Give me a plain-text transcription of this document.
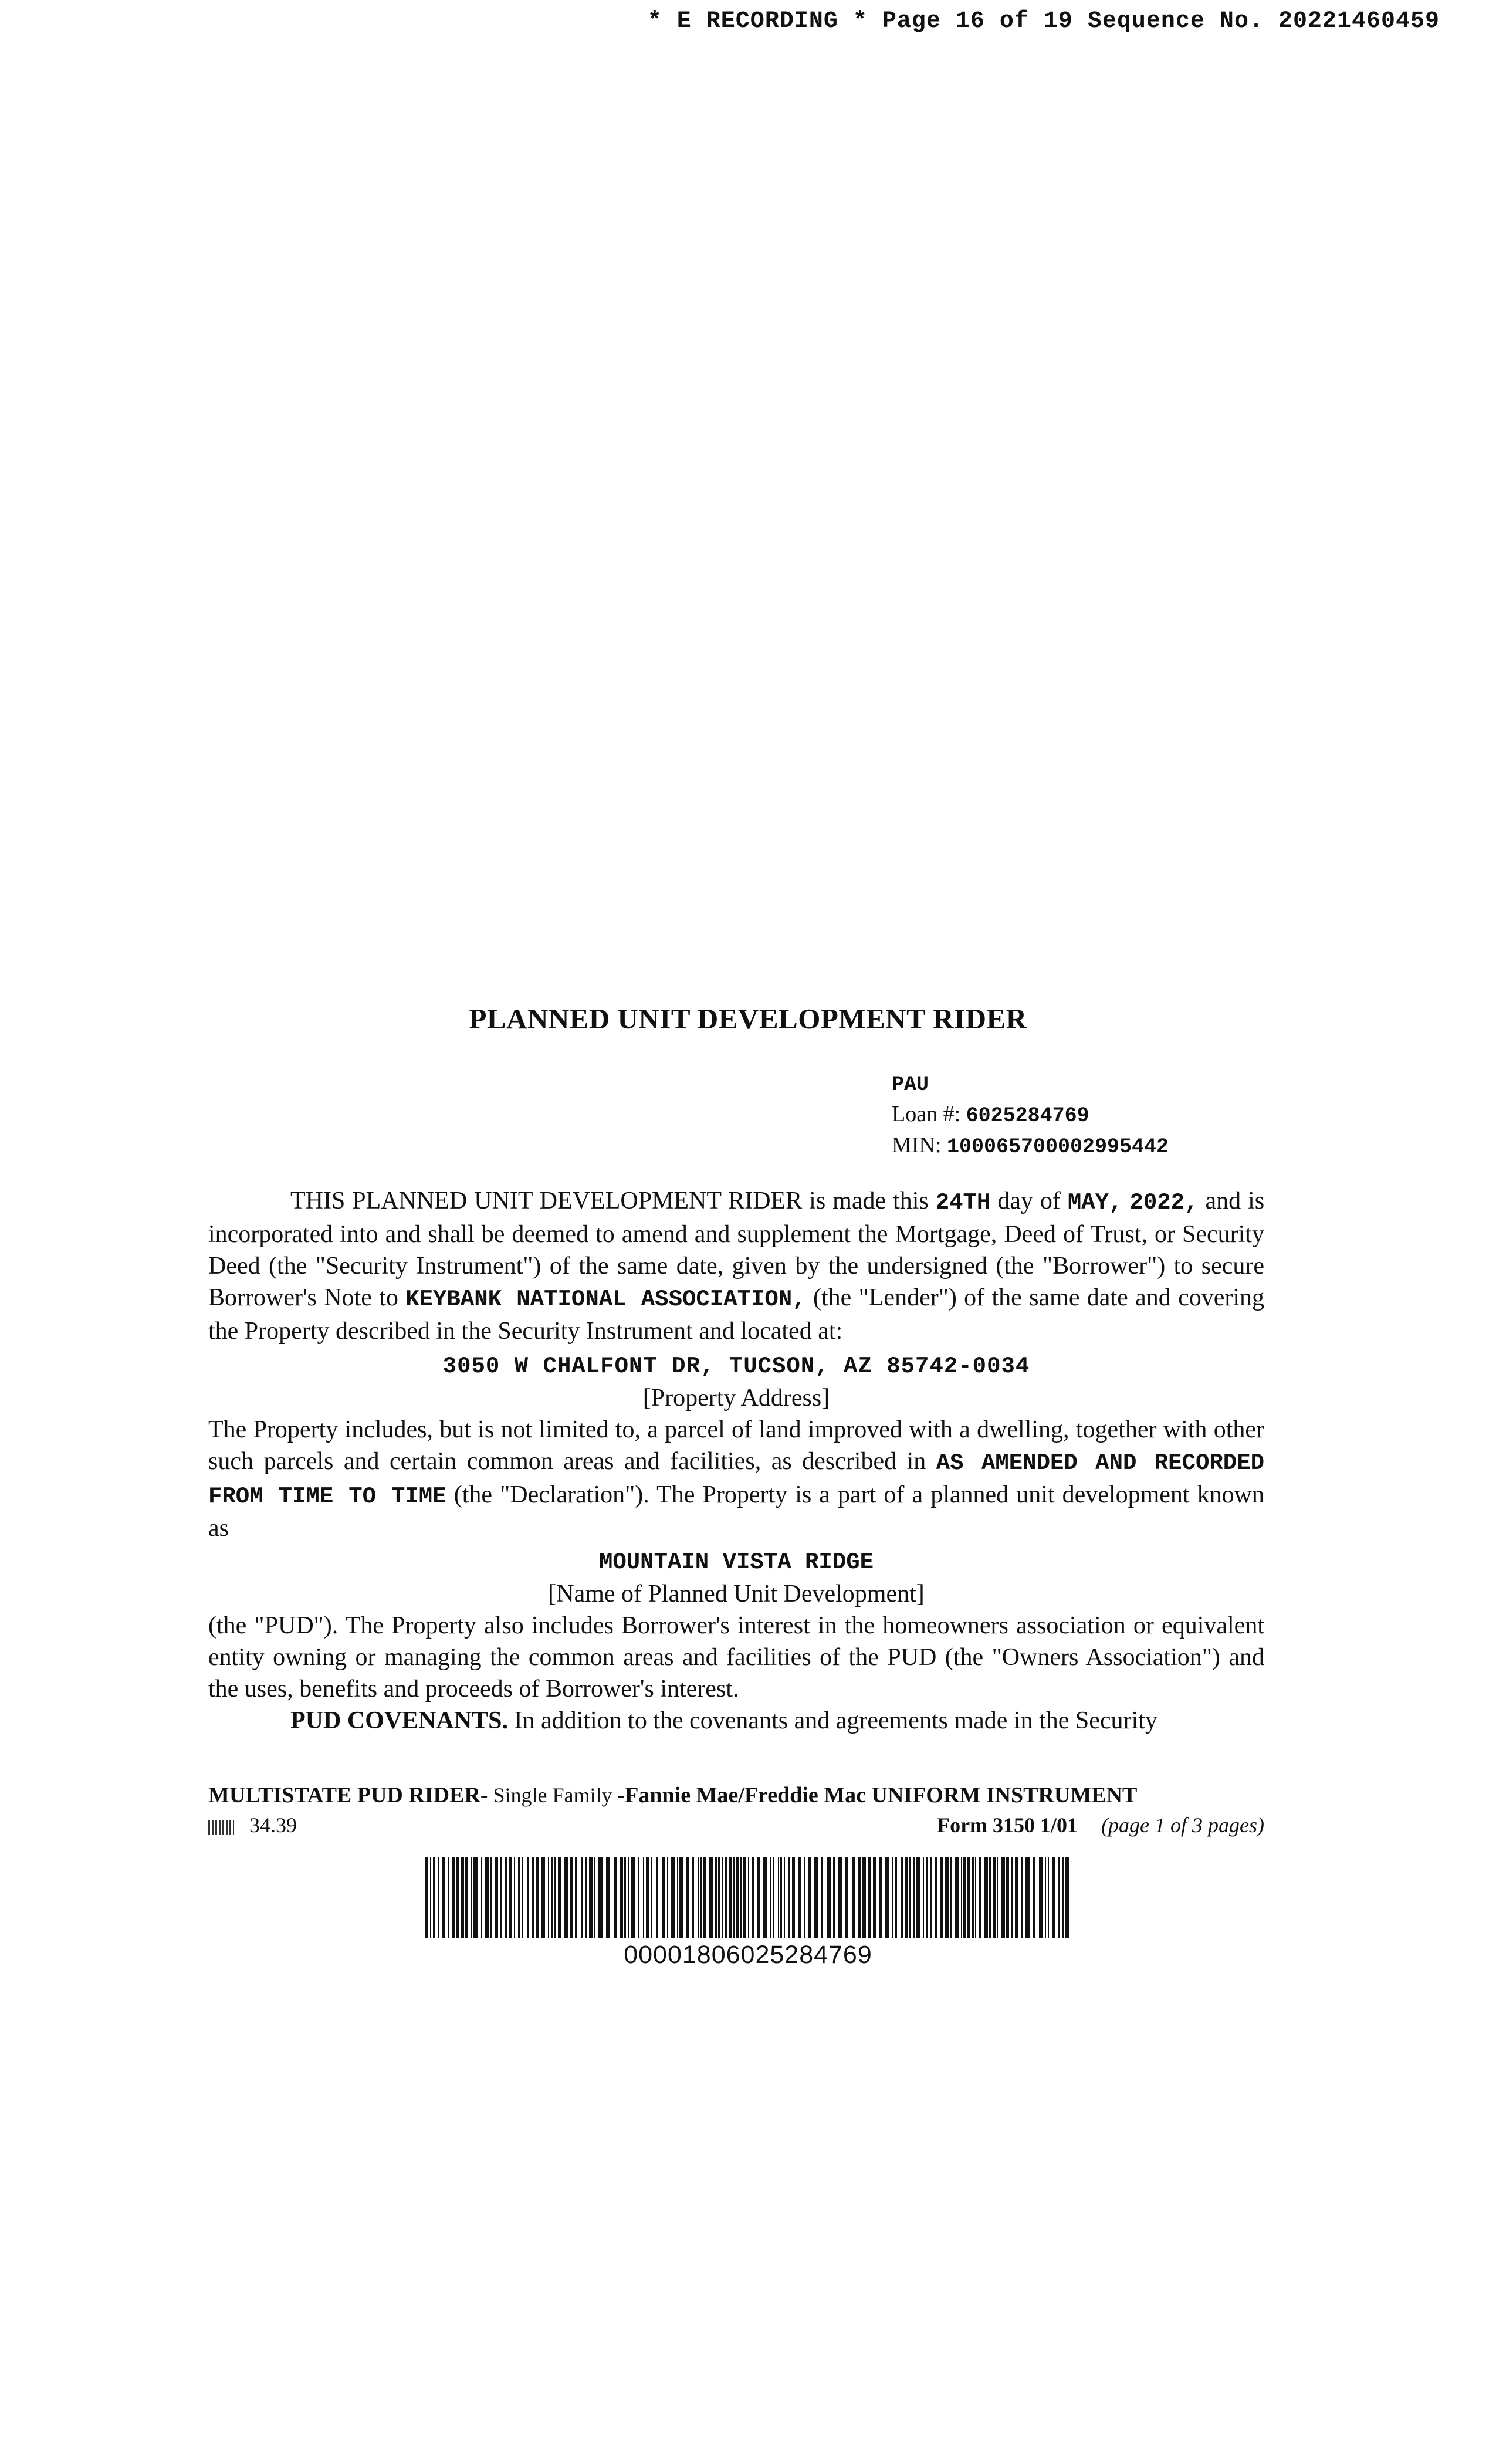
* E RECORDING * Page 16 of 19 Sequence No. 20221460459
PLANNED UNIT DEVELOPMENT RIDER
PAU
Loan #: 6025284769
MIN: 100065700002995442

THIS PLANNED UNIT DEVELOPMENT RIDER is made this 24TH day of MAY, 2022, and is incorporated into and shall be deemed to amend and supplement the Mortgage, Deed of Trust, or Security Deed (the "Security Instrument") of the same date, given by the undersigned (the "Borrower") to secure Borrower's Note to KEYBANK NATIONAL ASSOCIATION, (the "Lender") of the same date and covering the Property described in the Security Instrument and located at:

3050 W CHALFONT DR, TUCSON, AZ 85742-0034

[Property Address]

The Property includes, but is not limited to, a parcel of land improved with a dwelling, together with other such parcels and certain common areas and facilities, as described in AS AMENDED AND RECORDED FROM TIME TO TIME (the "Declaration"). The Property is a part of a planned unit development known as

MOUNTAIN VISTA RIDGE

[Name of Planned Unit Development]

(the "PUD"). The Property also includes Borrower's interest in the homeowners association or equivalent entity owning or managing the common areas and facilities of the PUD (the "Owners Association") and the uses, benefits and proceeds of Borrower's interest.

PUD COVENANTS. In addition to the covenants and agreements made in the Security

MULTISTATE PUD RIDER- Single Family -Fannie Mae/Freddie Mac UNIFORM INSTRUMENT
34.39	Form 3150 1/01 (page 1 of 3 pages)
00001806025284769
